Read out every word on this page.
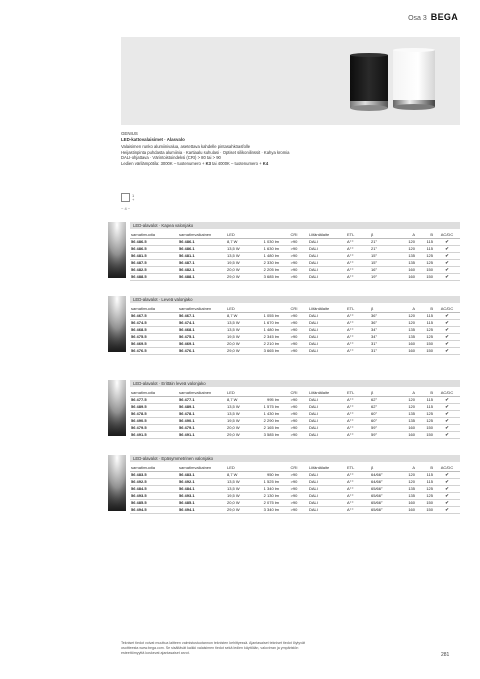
Osa 3 BEGA
GENIUS
LED-kattovalaisimet · Alasvalo
Valaisimen runko alumiinivalua, asetettava kahdelle pintasahköasfolle
Heijastinpinta puhdasta alumiinia · Kartiaalu suhulasi · Optiset silikonilinssit · Kahya kromia
DALI-ohjattava · Värintoistoindeksi (CRI) > 80 tai > 90
Ledien värilämpötila: 3000K – tuotenumero + K3 tai 4000K – tuotenumero + K4
1
+
~ 4 ~
LED-alavalot · Kapea valonjako
sarnatimuotia	sarnatimvaikainen	LED		CRI	Liitäntälaite	ETL	β	A	B	AC/DC
56 486.5	56 486.1	8,7 W	1 030 lm	>90	DALI	A⁺⁺	21°	120	115	✔
56 486.5	56 486.1	13,5 W	1 630 lm	>90	DALI	A⁺⁺	21°	120	115	✔
56 481.5	56 481.1	13,5 W	1 480 lm	>90	DALI	A⁺⁺	15°	135	125	✔
56 487.5	56 487.1	19,5 W	2 330 lm	>90	DALI	A⁺⁺	15°	135	125	✔
56 482.5	56 482.1	20,0 W	2 205 lm	>90	DALI	A⁺⁺	16°	160	150	✔
56 488.5	56 488.1	29,0 W	3 685 lm	>90	DALI	A⁺⁺	19°	160	150	✔
LED-alavalot · Leveä valonjako
sarnatimuotia	sarnatimvaikainen	LED		CRI	Liitäntälaite	ETL	β	A	B	AC/DC
56 467.5	56 467.1	8,7 W	1 055 lm	>90	DALI	A⁺⁺	36°	120	115	✔
56 474.5	56 474.1	13,5 W	1 670 lm	>90	DALI	A⁺⁺	36°	120	115	✔
56 468.5	56 468.1	13,5 W	1 480 lm	>90	DALI	A⁺⁺	34°	135	125	✔
56 475.5	56 475.1	19,5 W	2 345 lm	>90	DALI	A⁺⁺	34°	135	125	✔
56 469.5	56 469.1	20,0 W	2 210 lm	>90	DALI	A⁺⁺	31°	160	150	✔
56 476.5	56 476.1	29,0 W	3 665 lm	>90	DALI	A⁺⁺	31°	160	150	✔
LED-alavalot · Erittäin leveä valonjako
sarnatimuotia	sarnatimvaikainen	LED		CRI	Liitäntälaite	ETL	β	A	B	AC/DC
56 477.5	56 477.1	8,7 W	995 lm	>90	DALI	A⁺⁺	62°	120	115	✔
56 489.5	56 489.1	13,5 W	1 575 lm	>90	DALI	A⁺⁺	62°	120	115	✔
56 478.5	56 478.1	13,5 W	1 430 lm	>90	DALI	A⁺⁺	60°	135	125	✔
56 490.5	56 490.1	19,5 W	2 290 lm	>90	DALI	A⁺⁺	60°	135	125	✔
56 479.5	56 479.1	20,0 W	2 165 lm	>90	DALI	A⁺⁺	59°	160	150	✔
56 491.5	56 491.1	29,0 W	3 585 lm	>90	DALI	A⁺⁺	59°	160	150	✔
LED-alavalot · Epäsymmetrinen valonjako
sarnatimuotia	sarnatimvaikainen	LED		CRI	Liitäntälaite	ETL	β	A	B	AC/DC
56 483.5	56 483.1	8,7 W	950 lm	>90	DALI	A⁺⁺	64/66°	120	115	✔
56 492.5	56 492.1	13,5 W	1 525 lm	>90	DALI	A⁺⁺	64/66°	120	115	✔
56 484.5	56 484.1	13,5 W	1 340 lm	>90	DALI	A⁺⁺	65/66°	135	125	✔
56 493.5	56 493.1	19,5 W	2 130 lm	>90	DALI	A⁺⁺	65/66°	135	125	✔
56 485.5	56 485.1	20,0 W	2 075 lm	>90	DALI	A⁺⁺	65/66°	160	150	✔
56 494.5	56 494.1	29,0 W	3 340 lm	>90	DALI	A⁺⁺	65/66°	160	150	✔
Tekniset tiedot voivat muuttua laitteen valmistustuotannon teknisten kehittyessä. Ajantasaiset tekniset tiedot löytyvät
osoitteesta www.bega.com. Se sisältävät kaikki valaisimen tiedot sekä ledien käyttöiän, valovirran ja ympäristön
esteettömyyttä koskevat ajantasaiset arvot.	281
